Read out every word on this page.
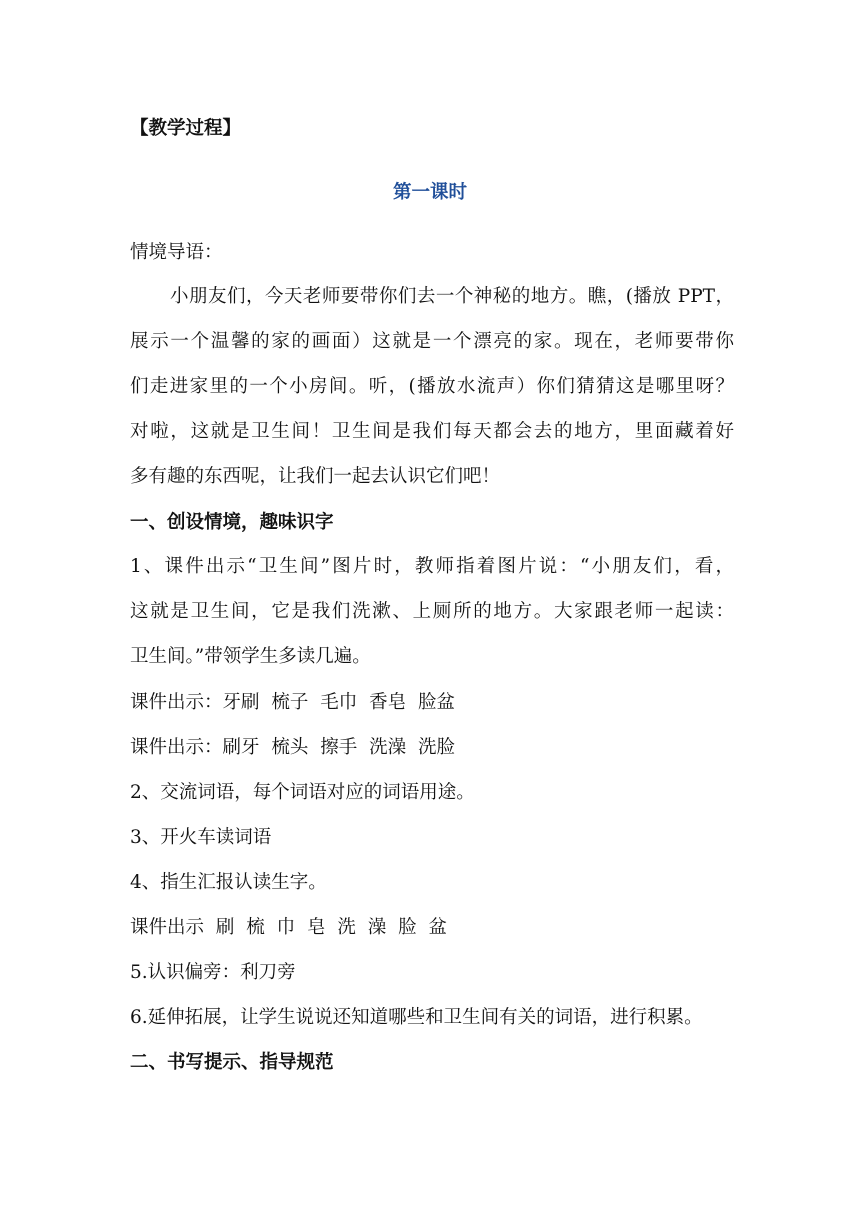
【教学过程】
第一课时
情境导语：
小朋友们，今天老师要带你们去一个神秘的地方。瞧，(播放 PPT，
展示一个温馨的家的画面）这就是一个漂亮的家。现在，老师要带你
们走进家里的一个小房间。听，(播放水流声）你们猜猜这是哪里呀？
对啦，这就是卫生间！卫生间是我们每天都会去的地方，里面藏着好
多有趣的东西呢，让我们一起去认识它们吧！
一、创设情境，趣味识字
1、课件出示“卫生间”图片时，教师指着图片说：“小朋友们，看，
这就是卫生间，它是我们洗漱、上厕所的地方。大家跟老师一起读：
卫生间。”带领学生多读几遍。
课件出示：牙刷 梳子 毛巾 香皂 脸盆
课件出示：刷牙 梳头 擦手 洗澡 洗脸
2、交流词语，每个词语对应的词语用途。
3、开火车读词语
4、指生汇报认读生字。
课件出示 刷 梳 巾 皂 洗 澡 脸 盆
5.认识偏旁：利刀旁
6.延伸拓展，让学生说说还知道哪些和卫生间有关的词语，进行积累。
二、书写提示、指导规范
